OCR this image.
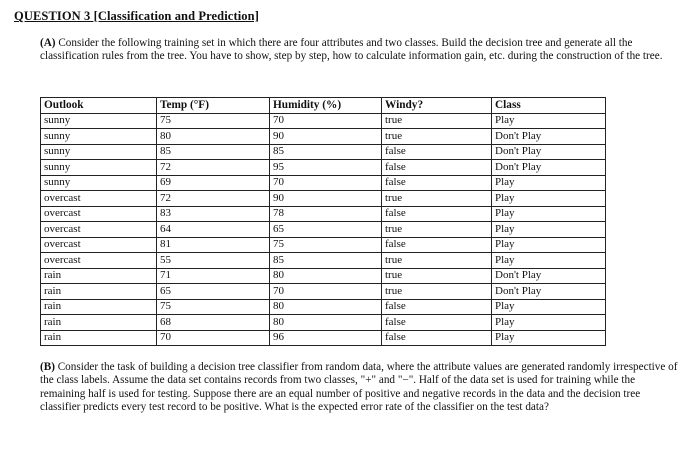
QUESTION 3 [Classification and Prediction]
(A) Consider the following training set in which there are four attributes and two classes. Build the decision tree and generate all the classification rules from the tree. You have to show, step by step, how to calculate information gain, etc. during the construction of the tree.
Outlook	Temp (°F)	Humidity (%)	Windy?	Class
sunny	75	70	true	Play
sunny	80	90	true	Don't Play
sunny	85	85	false	Don't Play
sunny	72	95	false	Don't Play
sunny	69	70	false	Play
overcast	72	90	true	Play
overcast	83	78	false	Play
overcast	64	65	true	Play
overcast	81	75	false	Play
overcast	55	85	true	Play
rain	71	80	true	Don't Play
rain	65	70	true	Don't Play
rain	75	80	false	Play
rain	68	80	false	Play
rain	70	96	false	Play
(B) Consider the task of building a decision tree classifier from random data, where the attribute values are generated randomly irrespective of the class labels. Assume the data set contains records from two classes, "+" and "−". Half of the data set is used for training while the remaining half is used for testing. Suppose there are an equal number of positive and negative records in the data and the decision tree classifier predicts every test record to be positive. What is the expected error rate of the classifier on the test data?
